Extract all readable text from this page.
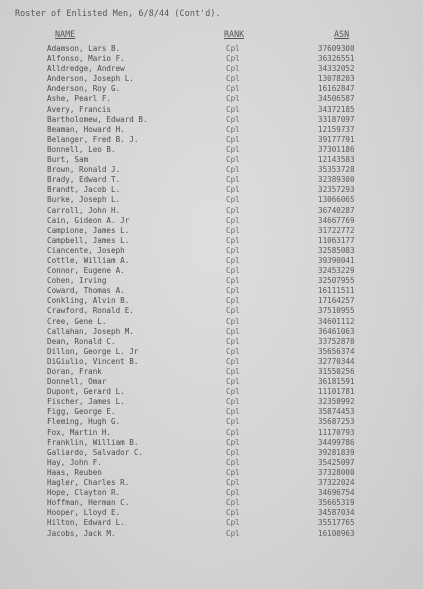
Roster of Enlisted Men, 6/8/44 (Cont'd).
NAME	RANK	ASN
Adamson, Lars B.	Cpl	37609300
Alfonso, Mario F.	Cpl	36326551
Alldredge, Andrew	Cpl	34332052
Anderson, Joseph L.	Cpl	13078203
Anderson, Roy G.	Cpl	16162847
Ashe, Pearl F.	Cpl	34506587
Avery, Francis	Cpl	34372185
Bartholomew, Edward B.	Cpl	33187097
Beaman, Howard H.	Cpl	12159737
Belanger, Fred B. J.	Cpl	39177791
Bonnell, Leo B.	Cpl	37301186
Burt, Sam	Cpl	12143583
Brown, Ronald J.	Cpl	35353728
Brady, Edward T.	Cpl	32389300
Brandt, Jacob L.	Cpl	32357293
Burke, Joseph L.	Cpl	13066065
Carroll, John H.	Cpl	36740287
Cain, Gideon A. Jr	Cpl	34667769
Campione, James L.	Cpl	31722772
Campbell, James L.	Cpl	11063177
Ciancente, Joseph	Cpl	32585083
Cottle, William A.	Cpl	39390041
Connor, Eugene A.	Cpl	32453229
Cohen, Irving	Cpl	32507955
Coward, Thomas A.	Cpl	16111511
Conkling, Alvin B.	Cpl	17164257
Crawford, Ronald E.	Cpl	37510955
Cree, Gene L.	Cpl	34601112
Callahan, Joseph M.	Cpl	36461063
Dean, Ronald C.	Cpl	33752878
Dillon, George L. Jr	Cpl	35656374
DiGiulio, Vincent B.	Cpl	32770344
Doran, Frank	Cpl	31550256
Donnell, Omar	Cpl	36181591
Dupont, Gerard L.	Cpl	11101781
Fischer, James L.	Cpl	32358992
Figg, George E.	Cpl	35874453
Fleming, Hugh G.	Cpl	35687253
Fox, Martin H.	Cpl	11170793
Franklin, William B.	Cpl	34499786
Galiardo, Salvador C.	Cpl	39281839
Hay, John F.	Cpl	35425097
Haas, Reuben	Cpl	37328000
Hagler, Charles R.	Cpl	37322024
Hope, Clayton R.	Cpl	34696754
Hoffman, Herman C.	Cpl	35665319
Hooper, Lloyd E.	Cpl	34587034
Hilton, Edward L.	Cpl	35517765
Jacobs, Jack M.	Cpl	16100963
